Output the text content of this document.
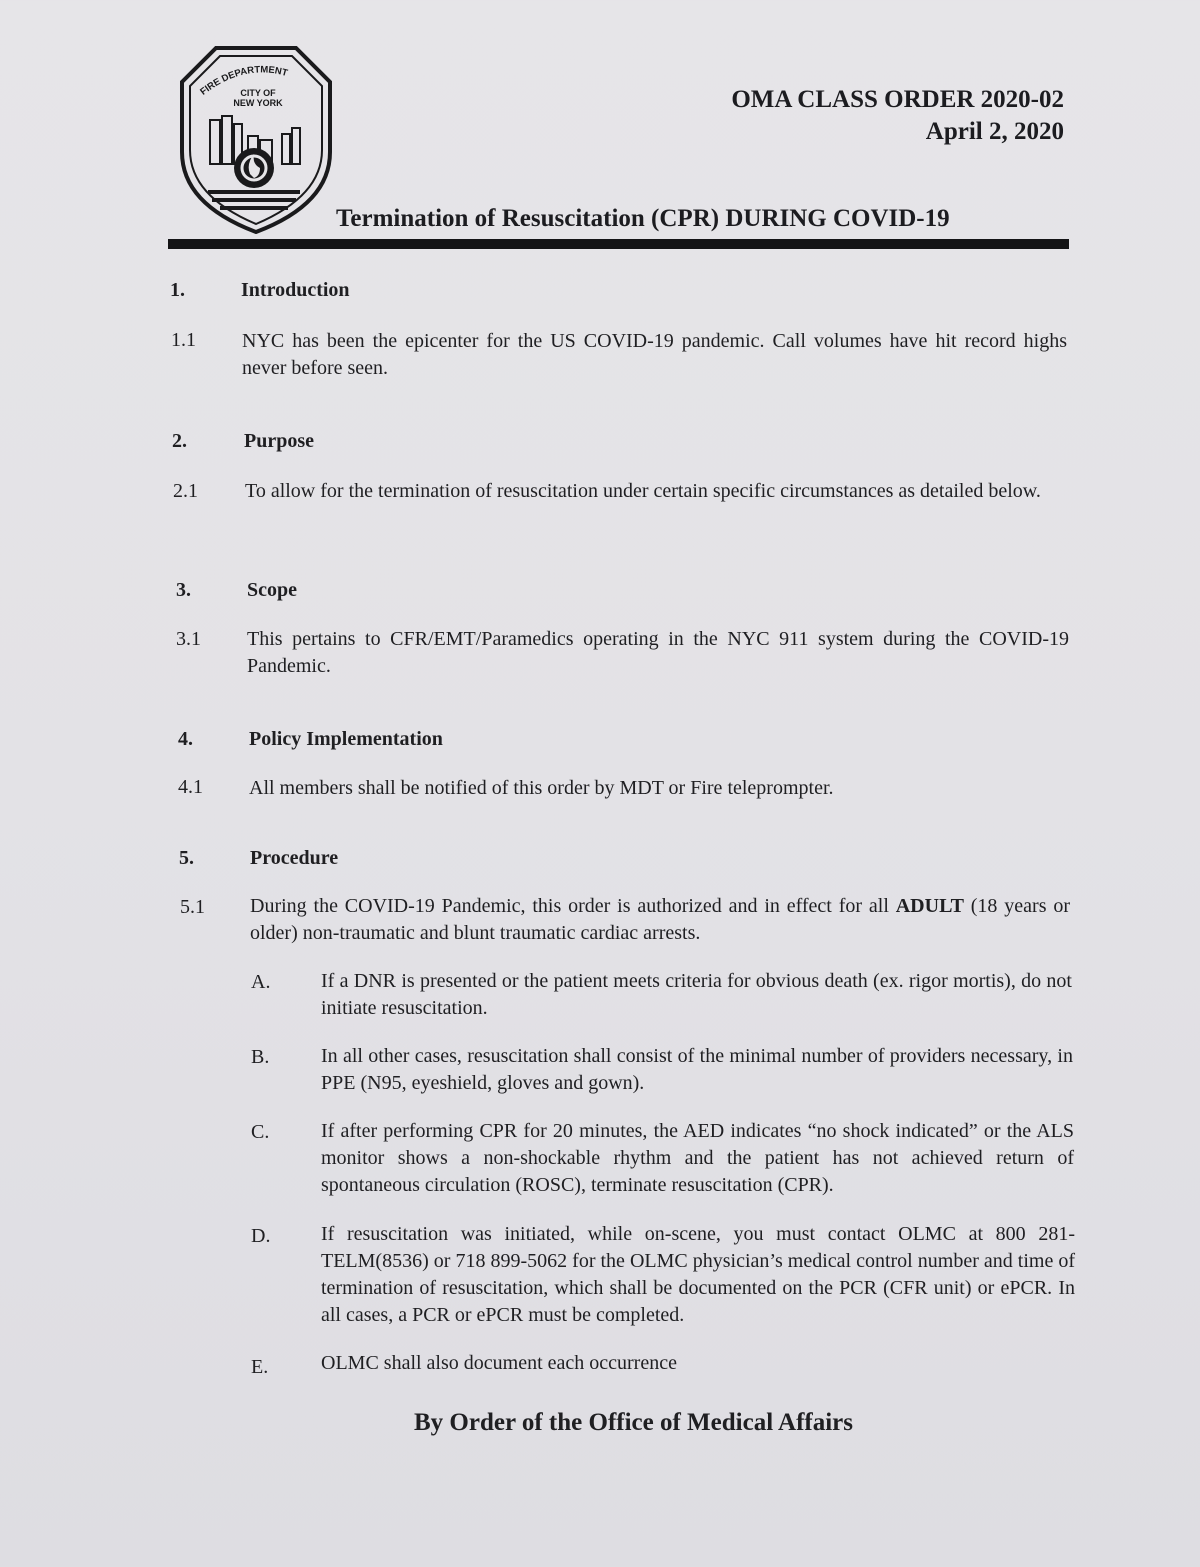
FIRE DEPARTMENT
CITY OF
NEW YORK	OMA CLASS ORDER 2020-02
April 2, 2020
Termination of Resuscitation (CPR) DURING COVID-19
1.	Introduction
1.1 NYC has been the epicenter for the US COVID-19 pandemic. Call volumes have hit record highs never before seen.
2.	Purpose
2.1 To allow for the termination of resuscitation under certain specific circumstances as detailed below.
3.	Scope
3.1 This pertains to CFR/EMT/Paramedics operating in the NYC 911 system during the COVID-19 Pandemic.
4.	Policy Implementation
4.1 All members shall be notified of this order by MDT or Fire teleprompter.
5.	Procedure
5.1 During the COVID-19 Pandemic, this order is authorized and in effect for all ADULT (18 years or older) non-traumatic and blunt traumatic cardiac arrests.
A.	If a DNR is presented or the patient meets criteria for obvious death (ex. rigor mortis), do not initiate resuscitation.
B.	In all other cases, resuscitation shall consist of the minimal number of providers necessary, in PPE (N95, eyeshield, gloves and gown).
C.	If after performing CPR for 20 minutes, the AED indicates “no shock indicated” or the ALS monitor shows a non-shockable rhythm and the patient has not achieved return of spontaneous circulation (ROSC), terminate resuscitation (CPR).
D.	If resuscitation was initiated, while on-scene, you must contact OLMC at 800 281-TELM(8536) or 718 899-5062 for the OLMC physician’s medical control number and time of termination of resuscitation, which shall be documented on the PCR (CFR unit) or ePCR. In all cases, a PCR or ePCR must be completed.
E.	OLMC shall also document each occurrence
By Order of the Office of Medical Affairs
